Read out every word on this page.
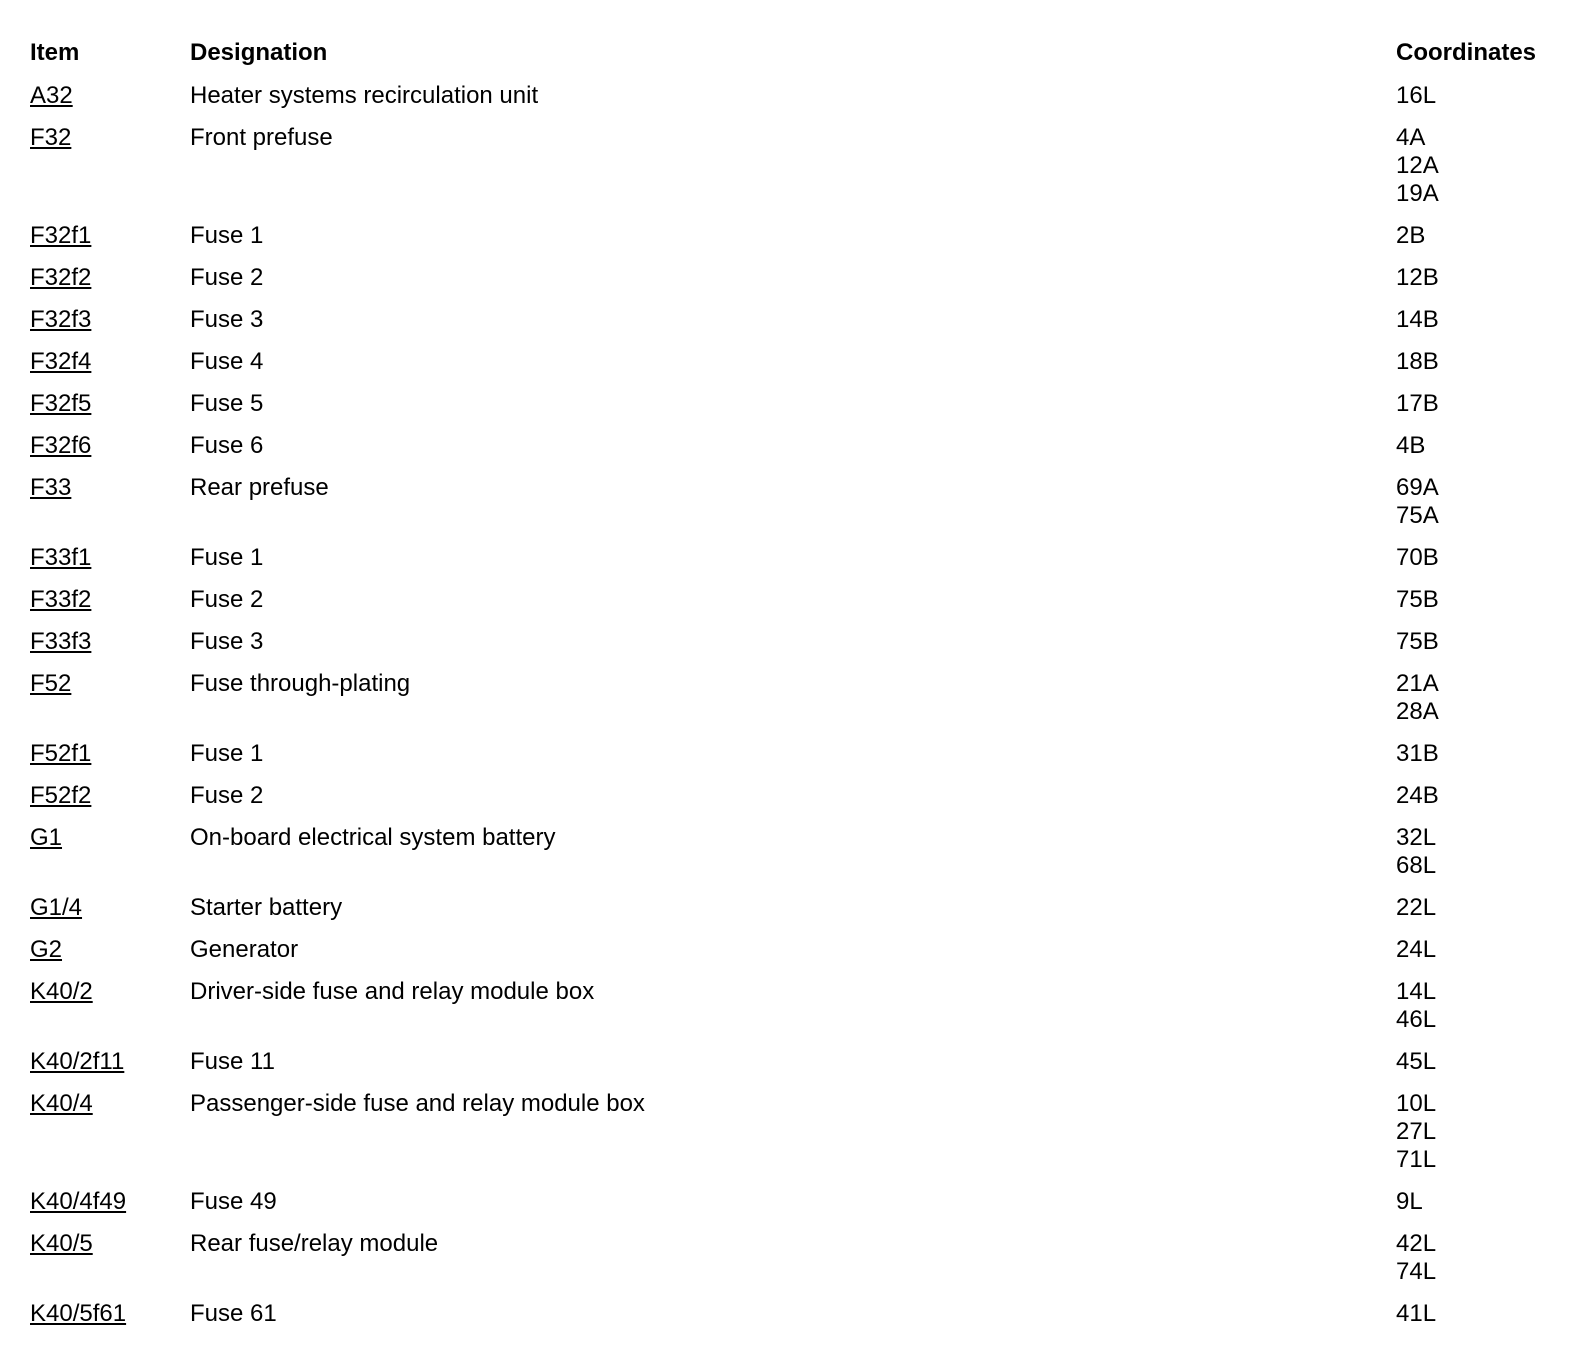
Item	Designation	Coordinates
A32	Heater systems recirculation unit	16L
F32	Front prefuse	4A
12A
19A
F32f1	Fuse 1	2B
F32f2	Fuse 2	12B
F32f3	Fuse 3	14B
F32f4	Fuse 4	18B
F32f5	Fuse 5	17B
F32f6	Fuse 6	4B
F33	Rear prefuse	69A
75A
F33f1	Fuse 1	70B
F33f2	Fuse 2	75B
F33f3	Fuse 3	75B
F52	Fuse through-plating	21A
28A
F52f1	Fuse 1	31B
F52f2	Fuse 2	24B
G1	On-board electrical system battery	32L
68L
G1/4	Starter battery	22L
G2	Generator	24L
K40/2	Driver-side fuse and relay module box	14L
46L
K40/2f11	Fuse 11	45L
K40/4	Passenger-side fuse and relay module box	10L
27L
71L
K40/4f49	Fuse 49	9L
K40/5	Rear fuse/relay module	42L
74L
K40/5f61	Fuse 61	41L
